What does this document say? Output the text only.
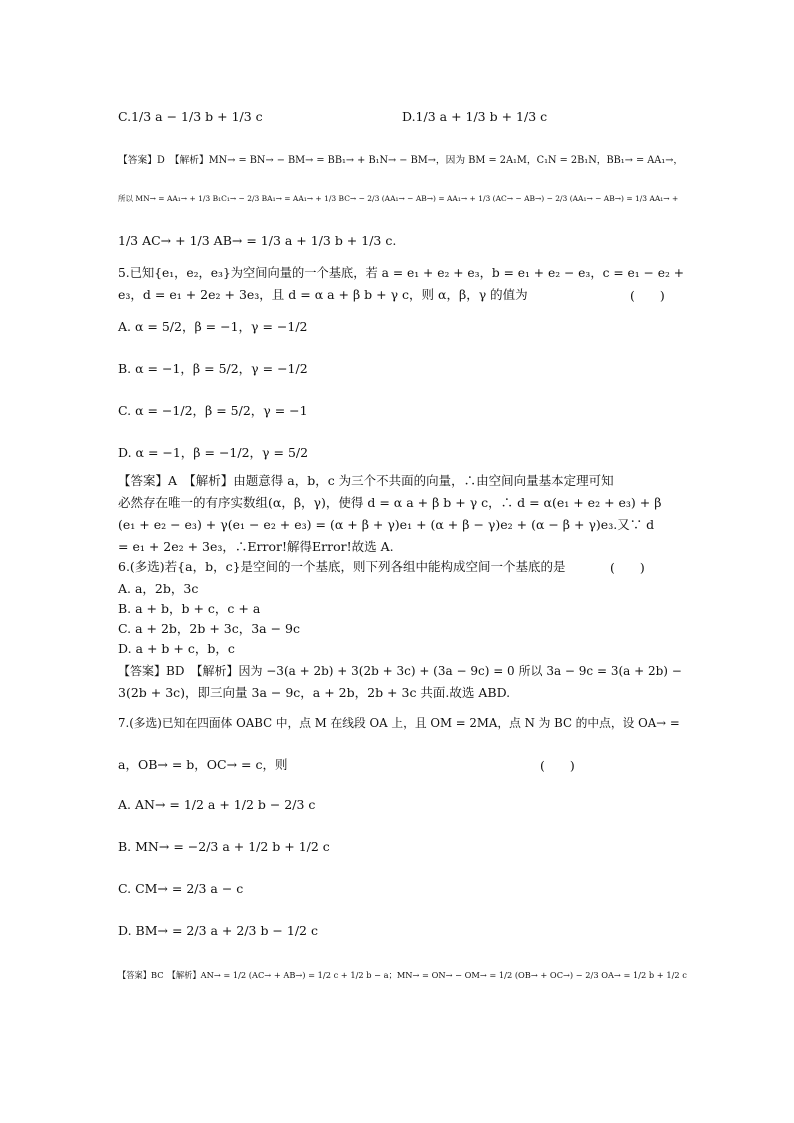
C.1/3 a − 1/3 b + 1/3 c	D.1/3 a + 1/3 b + 1/3 c
【答案】D　【解析】MN→ = BN→ − BM→ = BB₁→ + B₁N→ − BM→，因为 BM = 2A₁M，C₁N = 2B₁N，BB₁→ = AA₁→，
所以 MN→ = AA₁→ + 1/3 B₁C₁→ − 2/3 BA₁→ = AA₁→ + 1/3 BC→ − 2/3 (AA₁→ − AB→) = AA₁→ + 1/3 (AC→ − AB→) − 2/3 (AA₁→ − AB→) = 1/3 AA₁→ +
1/3 AC→ + 1/3 AB→ = 1/3 a + 1/3 b + 1/3 c.
5.已知{e₁，e₂，e₃}为空间向量的一个基底，若 a = e₁ + e₂ + e₃，b = e₁ + e₂ − e₃，c = e₁ − e₂ +
e₃，d = e₁ + 2e₂ + 3e₃，且 d = α a + β b + γ c，则 α，β，γ 的值为	(　　)
A. α = 5/2，β = −1，γ = −1/2
B. α = −1，β = 5/2，γ = −1/2
C. α = −1/2，β = 5/2，γ = −1
D. α = −1，β = −1/2，γ = 5/2
【答案】A　【解析】由题意得 a，b，c 为三个不共面的向量，∴由空间向量基本定理可知
必然存在唯一的有序实数组(α，β，γ)，使得 d = α a + β b + γ c，∴ d = α(e₁ + e₂ + e₃) + β
(e₁ + e₂ − e₃) + γ(e₁ − e₂ + e₃) = (α + β + γ)e₁ + (α + β − γ)e₂ + (α − β + γ)e₃.又∵ d
= e₁ + 2e₂ + 3e₃，∴Error!解得Error!故选 A.
6.(多选)若{a，b，c}是空间的一个基底，则下列各组中能构成空间一个基底的是	(　　)
A. a，2b，3c
B. a + b，b + c，c + a
C. a + 2b，2b + 3c，3a − 9c
D. a + b + c，b，c
【答案】BD　【解析】因为 −3(a + 2b) + 3(2b + 3c) + (3a − 9c) = 0 所以 3a − 9c = 3(a + 2b) −
3(2b + 3c)，即三向量 3a − 9c，a + 2b，2b + 3c 共面.故选 ABD.
7.(多选)已知在四面体 OABC 中，点 M 在线段 OA 上，且 OM = 2MA，点 N 为 BC 的中点，设 OA→ =
a，OB→ = b，OC→ = c，则	(　　)
A. AN→ = 1/2 a + 1/2 b − 2/3 c
B. MN→ = −2/3 a + 1/2 b + 1/2 c
C. CM→ = 2/3 a − c
D. BM→ = 2/3 a + 2/3 b − 1/2 c
【答案】BC　【解析】AN→ = 1/2 (AC→ + AB→) = 1/2 c + 1/2 b − a；MN→ = ON→ − OM→ = 1/2 (OB→ + OC→) − 2/3 OA→ = 1/2 b + 1/2 c
